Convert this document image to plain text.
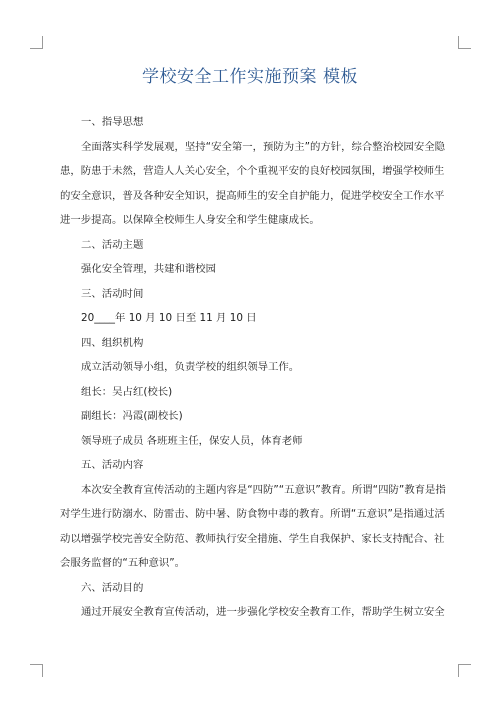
学校安全工作实施预案 模板

一、指导思想

全面落实科学发展观，坚持“安全第一，预防为主”的方针，综合整治校园安全隐

患，防患于未然，营造人人关心安全，个个重视平安的良好校园氛围，增强学校师生

的安全意识，普及各种安全知识，提高师生的安全自护能力，促进学校安全工作水平

进一步提高。以保障全校师生人身安全和学生健康成长。

二、活动主题

强化安全管理，共建和谐校园

三、活动时间

20____年 10 月 10 日至 11 月 10 日

四、组织机构

成立活动领导小组，负责学校的组织领导工作。

组长：吴占红(校长)

副组长：冯霞(副校长)

领导班子成员 各班班主任，保安人员，体育老师

五、活动内容

本次安全教育宣传活动的主题内容是“四防”“五意识”教育。所谓“四防”教育是指

对学生进行防溺水、防雷击、防中暑、防食物中毒的教育。所谓“五意识”是指通过活

动以增强学校完善安全防范、教师执行安全措施、学生自我保护、家长支持配合、社

会服务监督的“五种意识”。

六、活动目的

通过开展安全教育宣传活动，进一步强化学校安全教育工作，帮助学生树立安全
